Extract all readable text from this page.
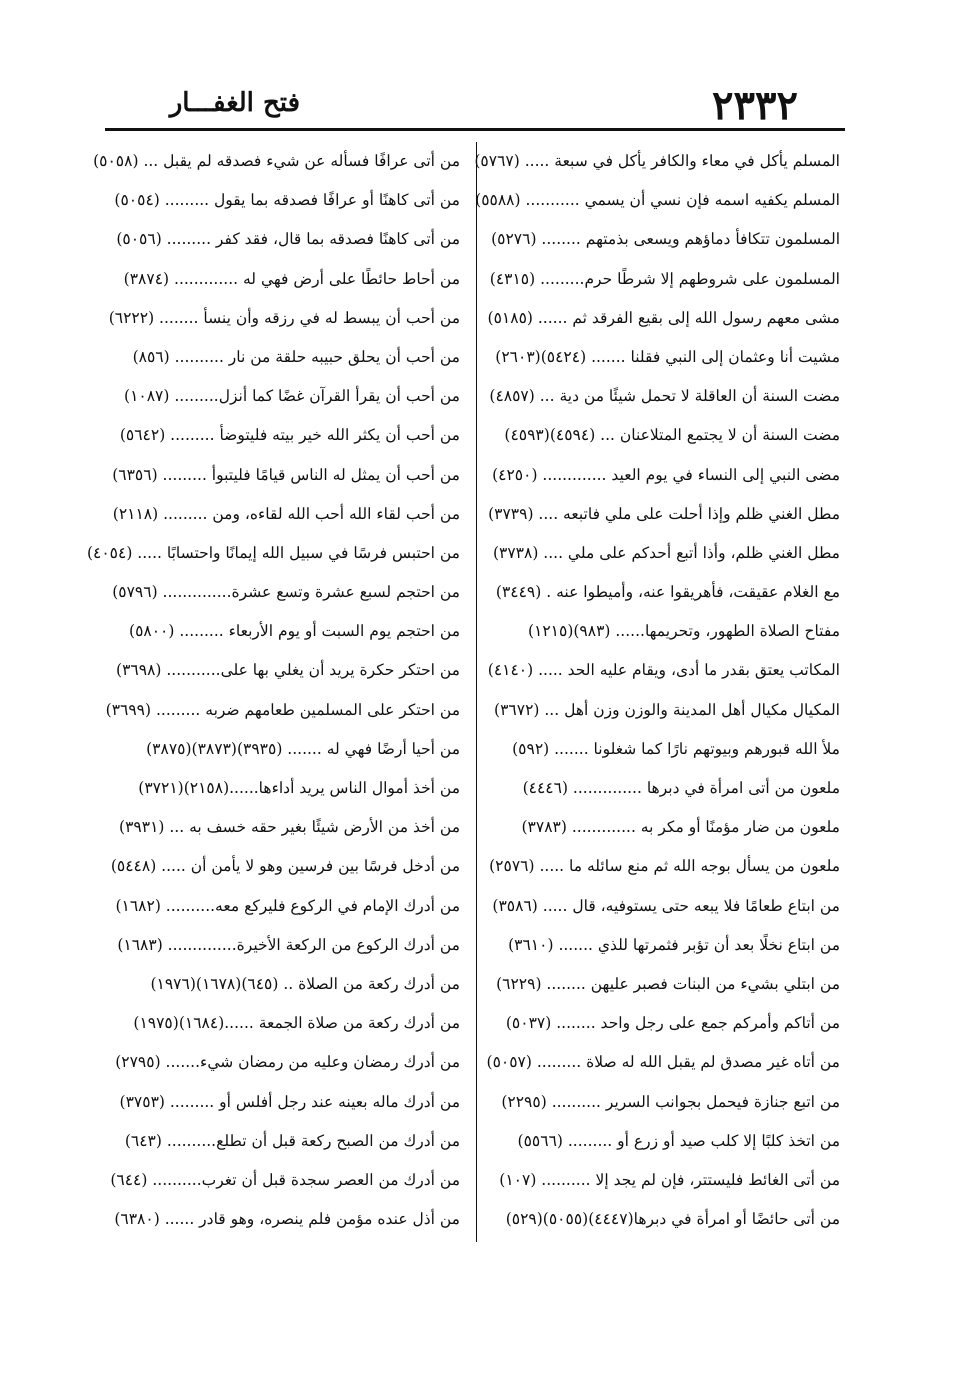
٢٣٣٢
فتح الغفـــار
المسلم يأكل في معاء والكافر يأكل في سبعة ..... (٥٧٦٧)
المسلم يكفيه اسمه فإن نسي أن يسمي ........... (٥٥٨٨)
المسلمون تتكافأ دماؤهم ويسعى بذمتهم ........ (٥٢٧٦)
المسلمون على شروطهم إلا شرطًا حرم......... (٤٣١٥)
مشى معهم رسول الله إلى بقيع الفرقد ثم ...... (٥١٨٥)
مشيت أنا وعثمان إلى النبي فقلنا ....... (٥٤٢٤)(٢٦٠٣)
مضت السنة أن العاقلة لا تحمل شيئًا من دية ... (٤٨٥٧)
مضت السنة أن لا يجتمع المتلاعنان ... (٤٥٩٤)(٤٥٩٣)
مضى النبي إلى النساء في يوم العيد ............. (٤٢٥٠)
مطل الغني ظلم وإذا أحلت على ملي فاتبعه .... (٣٧٣٩)
مطل الغني ظلم، وأذا أتبع أحدكم على ملي .... (٣٧٣٨)
مع الغلام عقيقت، فأهريقوا عنه، وأميطوا عنه . (٣٤٤٩)
مفتاح الصلاة الطهور، وتحريمها...... (٩٨٣)(١٢١٥)
المكاتب يعتق بقدر ما أدى، ويقام عليه الحد ..... (٤١٤٠)
المكيال مكيال أهل المدينة والوزن وزن أهل ... (٣٦٧٢)
ملأ الله قبورهم وبيوتهم نارًا كما شغلونا ....... (٥٩٢)
ملعون من أتى امرأة في دبرها .............. (٤٤٤٦)
ملعون من ضار مؤمنًا أو مكر به ............. (٣٧٨٣)
ملعون من يسأل بوجه الله ثم منع سائله ما ..... (٢٥٧٦)
من ابتاع طعامًا فلا يبعه حتى يستوفيه، قال ..... (٣٥٨٦)
من ابتاع نخلًا بعد أن تؤبر فثمرتها للذي ....... (٣٦١٠)
من ابتلي بشيء من البنات فصبر عليهن ........ (٦٢٢٩)
من أتاكم وأمركم جمع على رجل واحد ........ (٥٠٣٧)
من أتاه غير مصدق لم يقبل الله له صلاة ......... (٥٠٥٧)
من اتبع جنازة فيحمل بجوانب السرير .......... (٢٢٩٥)
من اتخذ كلبًا إلا كلب صيد أو زرع أو ......... (٥٥٦٦)
من أتى الغائط فليستتر، فإن لم يجد إلا .......... (١٠٧)
من أتى حائضًا أو امرأة في دبرها(٤٤٤٧)(٥٠٥٥)(٥٢٩)
من أتى عرافًا فسأله عن شيء فصدقه لم يقبل ... (٥٠٥٨)
من أتى كاهنًا أو عرافًا فصدقه بما يقول ......... (٥٠٥٤)
من أتى كاهنًا فصدقه بما قال، فقد كفر ......... (٥٠٥٦)
من أحاط حائطًا على أرض فهي له ............. (٣٨٧٤)
من أحب أن يبسط له في رزقه وأن ينسأ ........ (٦٢٢٢)
من أحب أن يحلق حبيبه حلقة من نار .......... (٨٥٦)
من أحب أن يقرأ القرآن غضًا كما أنزل......... (١٠٨٧)
من أحب أن يكثر الله خير بيته فليتوضأ ......... (٥٦٤٢)
من أحب أن يمثل له الناس قيامًا فليتبوأ ......... (٦٣٥٦)
من أحب لقاء الله أحب الله لقاءه، ومن ......... (٢١١٨)
من احتبس فرسًا في سبيل الله إيمانًا واحتسابًا ..... (٤٠٥٤)
من احتجم لسبع عشرة وتسع عشرة.............. (٥٧٩٦)
من احتجم يوم السبت أو يوم الأربعاء ......... (٥٨٠٠)
من احتكر حكرة يريد أن يغلي بها على........... (٣٦٩٨)
من احتكر على المسلمين طعامهم ضربه ......... (٣٦٩٩)
من أحيا أرضًا فهي له ....... (٣٩٣٥)(٣٨٧٣)(٣٨٧٥)
من أخذ أموال الناس يريد أداءها......(٢١٥٨)(٣٧٢١)
من أخذ من الأرض شيئًا بغير حقه خسف به ... (٣٩٣١)
من أدخل فرسًا بين فرسين وهو لا يأمن أن ..... (٥٤٤٨)
من أدرك الإمام في الركوع فليركع معه.......... (١٦٨٢)
من أدرك الركوع من الركعة الأخيرة.............. (١٦٨٣)
من أدرك ركعة من الصلاة .. (٦٤٥)(١٦٧٨)(١٩٧٦)
من أدرك ركعة من صلاة الجمعة ......(١٦٨٤)(١٩٧٥)
من أدرك رمضان وعليه من رمضان شيء....... (٢٧٩٥)
من أدرك ماله بعينه عند رجل أفلس أو ......... (٣٧٥٣)
من أدرك من الصبح ركعة قبل أن تطلع.......... (٦٤٣)
من أدرك من العصر سجدة قبل أن تغرب.......... (٦٤٤)
من أذل عنده مؤمن فلم ينصره، وهو قادر ...... (٦٣٨٠)
